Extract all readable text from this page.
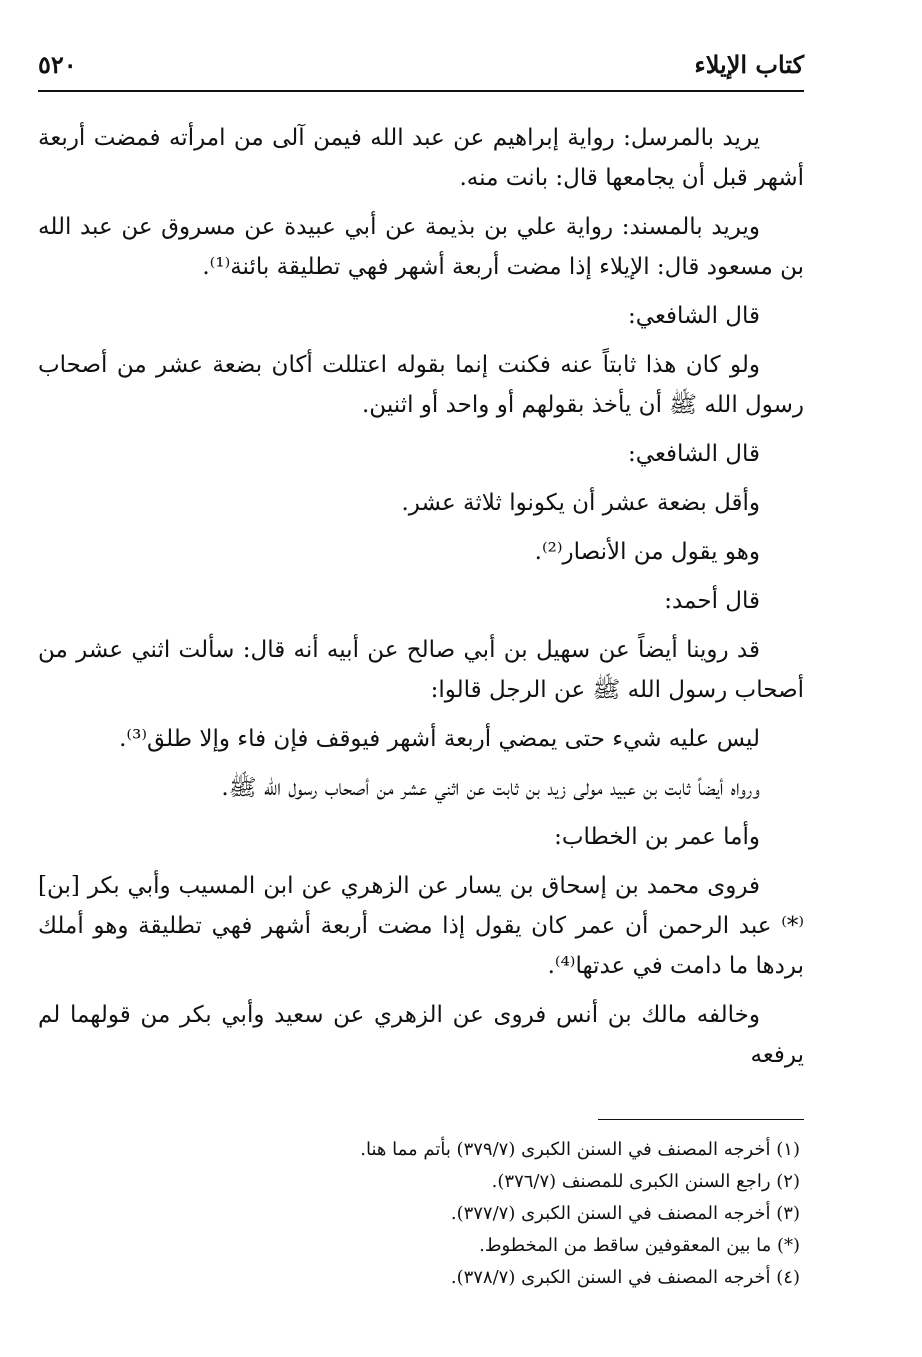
كتاب الإيلاء
٥٢٠

يريد بالمرسل: رواية إبراهيم عن عبد الله فيمن آلى من امرأته فمضت أربعة أشهر قبل أن يجامعها قال: بانت منه.

ويريد بالمسند: رواية علي بن بذيمة عن أبي عبيدة عن مسروق عن عبد الله بن مسعود قال: الإيلاء إذا مضت أربعة أشهر فهي تطليقة بائنة⁽¹⁾.

قال الشافعي:

ولو كان هذا ثابتاً عنه فكنت إنما بقوله اعتللت أكان بضعة عشر من أصحاب رسول الله ﷺ أن يأخذ بقولهم أو واحد أو اثنين.

قال الشافعي:

وأقل بضعة عشر أن يكونوا ثلاثة عشر.

وهو يقول من الأنصار⁽²⁾.

قال أحمد:

قد روينا أيضاً عن سهيل بن أبي صالح عن أبيه أنه قال: سألت اثني عشر من أصحاب رسول الله ﷺ عن الرجل قالوا:

ليس عليه شيء حتى يمضي أربعة أشهر فيوقف فإن فاء وإلا طلق⁽³⁾.

ورواه أيضاً ثابت بن عبيد مولى زيد بن ثابت عن اثني عشر من أصحاب رسول الله ﷺ.

وأما عمر بن الخطاب:

فروى محمد بن إسحاق بن يسار عن الزهري عن ابن المسيب وأبي بكر [بن]⁽*⁾ عبد الرحمن أن عمر كان يقول إذا مضت أربعة أشهر فهي تطليقة وهو أملك بردها ما دامت في عدتها⁽⁴⁾.

وخالفه مالك بن أنس فروى عن الزهري عن سعيد وأبي بكر من قولهما لم يرفعه

(١) أخرجه المصنف في السنن الكبرى (٣٧٩/٧) بأتم مما هنا.

(٢) راجع السنن الكبرى للمصنف (٣٧٦/٧).

(٣) أخرجه المصنف في السنن الكبرى (٣٧٧/٧).

(*) ما بين المعقوفين ساقط من المخطوط.

(٤) أخرجه المصنف في السنن الكبرى (٣٧٨/٧).
